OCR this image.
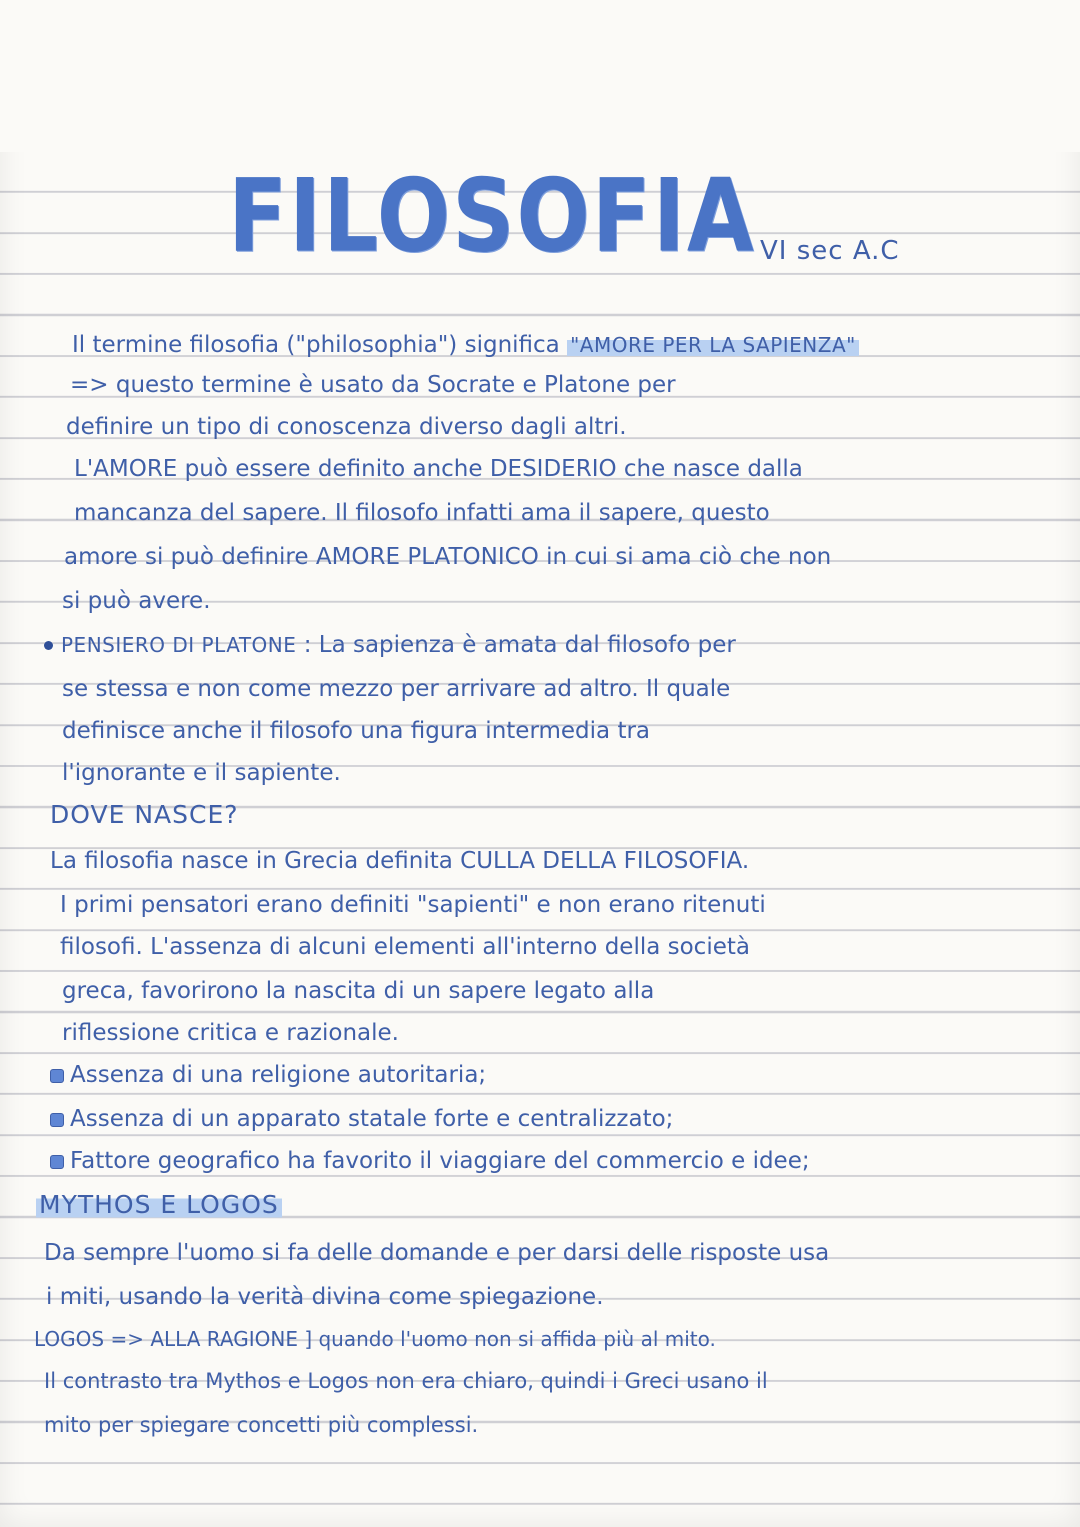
FILOSOFIA VI sec A.C
Il termine filosofia ("philosophia") significa "AMORE PER LA SAPIENZA"
=> questo termine è usato da Socrate e Platone per
definire un tipo di conoscenza diverso dagli altri.
L'AMORE può essere definito anche DESIDERIO che nasce dalla
mancanza del sapere. Il filosofo infatti ama il sapere, questo
amore si può definire AMORE PLATONICO in cui si ama ciò che non
si può avere.
PENSIERO DI PLATONE : La sapienza è amata dal filosofo per
se stessa e non come mezzo per arrivare ad altro. Il quale
definisce anche il filosofo una figura intermedia tra
l'ignorante e il sapiente.
DOVE NASCE?
La filosofia nasce in Grecia definita CULLA DELLA FILOSOFIA.
I primi pensatori erano definiti "sapienti" e non erano ritenuti
filosofi. L'assenza di alcuni elementi all'interno della società
greca, favorirono la nascita di un sapere legato alla
riflessione critica e razionale.
Assenza di una religione autoritaria;
Assenza di un apparato statale forte e centralizzato;
Fattore geografico ha favorito il viaggiare del commercio e idee;
MYTHOS E LOGOS
Da sempre l'uomo si fa delle domande e per darsi delle risposte usa
i miti, usando la verità divina come spiegazione.
LOGOS => ALLA RAGIONE ] quando l'uomo non si affida più al mito.
Il contrasto tra Mythos e Logos non era chiaro, quindi i Greci usano il
mito per spiegare concetti più complessi.
